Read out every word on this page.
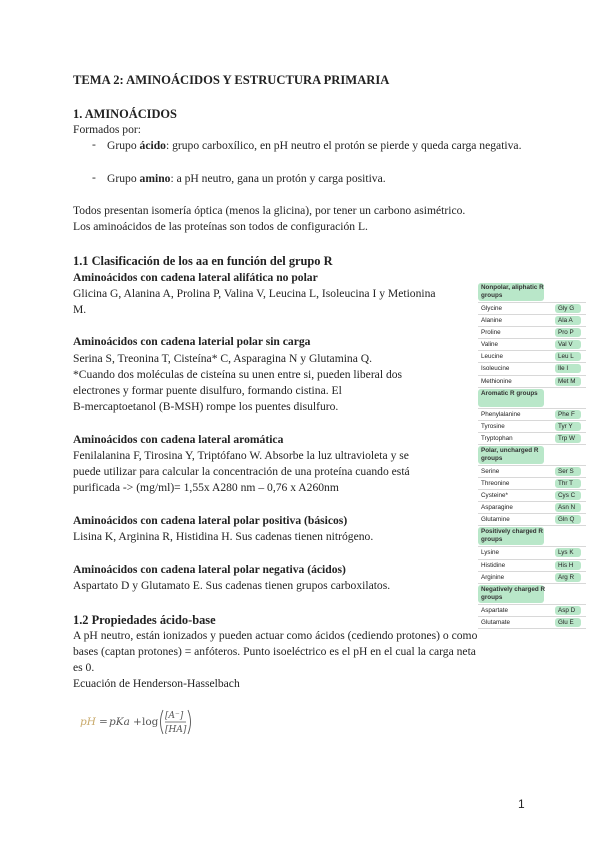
TEMA 2: AMINOÁCIDOS Y ESTRUCTURA PRIMARIA
1. AMINOÁCIDOS
Formados por:
- Grupo ácido: grupo carboxílico, en pH neutro el protón se pierde y queda carga negativa.
- Grupo amino: a pH neutro, gana un protón y carga positiva.
Todos presentan isomería óptica (menos la glicina), por tener un carbono asimétrico.
Los aminoácidos de las proteínas son todos de configuración L.
1.1 Clasificación de los aa en función del grupo R
Aminoácidos con cadena lateral alifática no polar
Glicina G, Alanina A, Prolina P, Valina V, Leucina L, Isoleucina I y Metionina
M.
Aminoácidos con cadena laterial polar sin carga
Serina S, Treonina T, Cisteína* C, Asparagina N y Glutamina Q.
*Cuando dos moléculas de cisteína su unen entre si, pueden liberal dos
electrones y formar puente disulfuro, formando cistina. El
B-mercaptoetanol (B-MSH) rompe los puentes disulfuro.
Aminoácidos con cadena lateral aromática
Fenilalanina F, Tirosina Y, Triptófano W. Absorbe la luz ultravioleta y se
puede utilizar para calcular la concentración de una proteína cuando está
purificada -> (mg/ml)= 1,55x A280 nm – 0,76 x A260nm
Aminoácidos con cadena lateral polar positiva (básicos)
Lisina K, Arginina R, Histidina H. Sus cadenas tienen nitrógeno.
Aminoácidos con cadena lateral polar negativa (ácidos)
Aspartato D y Glutamato E. Sus cadenas tienen grupos carboxilatos.
1.2 Propiedades ácido-base
A pH neutro, están ionizados y pueden actuar como ácidos (cediendo protones) o como
bases (captan protones) = anfóteros. Punto isoeléctrico es el pH en el cual la carga neta
es 0.
Ecuación de Henderson-Hasselbach
pH = pKa + log [A⁻]
[HA]
Nonpolar, aliphatic R groups
Glycine	Gly G
Alanine	Ala A
Proline	Pro P
Valine	Val V
Leucine	Leu L
Isoleucine	Ile I
Methionine	Met M
Aromatic R groups
Phenylalanine	Phe F
Tyrosine	Tyr Y
Tryptophan	Trp W
Polar, uncharged R groups
Serine	Ser S
Threonine	Thr T
Cysteine*	Cys C
Asparagine	Asn N
Glutamine	Gln Q
Positively charged R groups
Lysine	Lys K
Histidine	His H
Arginine	Arg R
Negatively charged R groups
Aspartate	Asp D
Glutamate	Glu E
1
